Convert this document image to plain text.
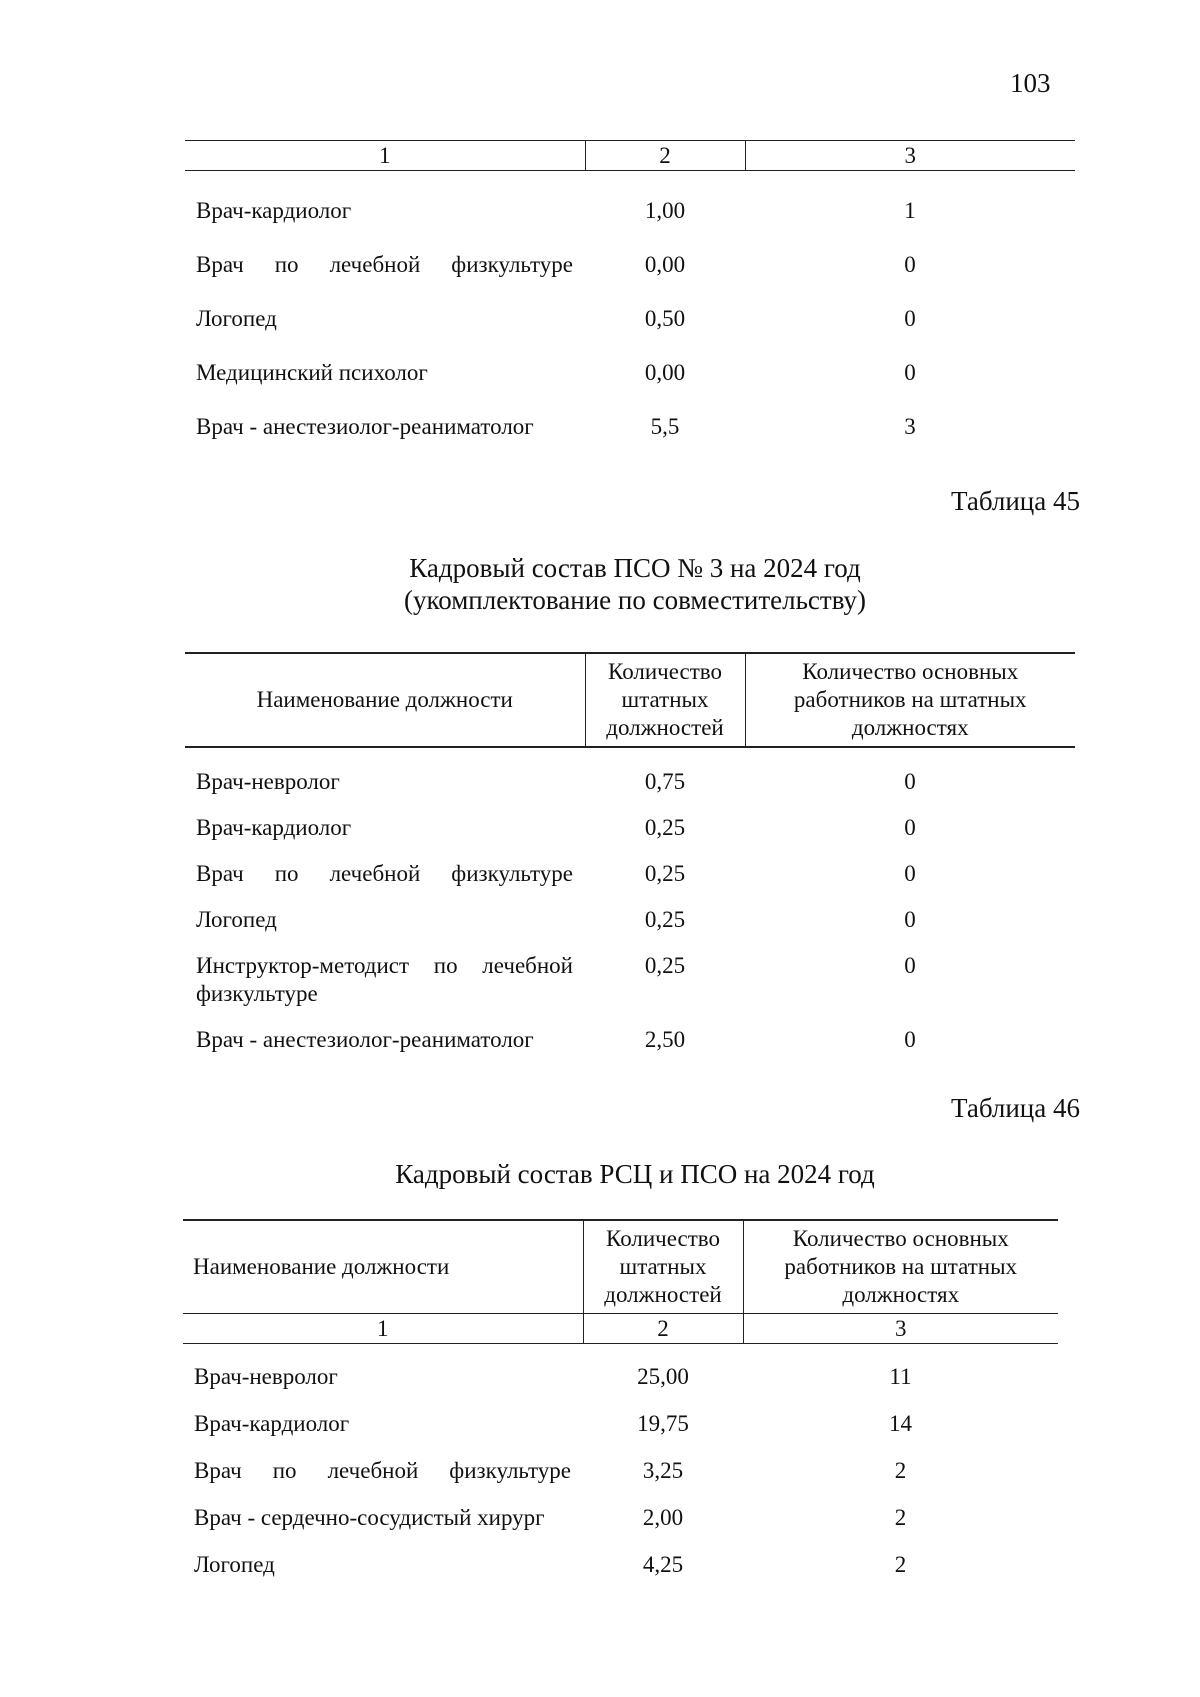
103
1	2	3
Врач-кардиолог	1,00	1
Врач по лечебной физкультуре	0,00	0
Логопед	0,50	0
Медицинский психолог	0,00	0
Врач - анестезиолог-реаниматолог	5,5	3
Таблица 45
Кадровый состав ПСО № 3 на 2024 год
(укомплектование по совместительству)
Наименование должности	Количество штатных должностей	Количество основных работников на штатных должностях
Врач-невролог	0,75	0
Врач-кардиолог	0,25	0
Врач по лечебной физкультуре	0,25	0
Логопед	0,25	0
Инструктор-методист по лечебной физкультуре	0,25	0
Врач - анестезиолог-реаниматолог	2,50	0
Таблица 46
Кадровый состав РСЦ и ПСО на 2024 год
Наименование должности	Количество штатных должностей	Количество основных работников на штатных должностях
1	2	3
Врач-невролог	25,00	11
Врач-кардиолог	19,75	14
Врач по лечебной физкультуре	3,25	2
Врач - сердечно-сосудистый хирург	2,00	2
Логопед	4,25	2
